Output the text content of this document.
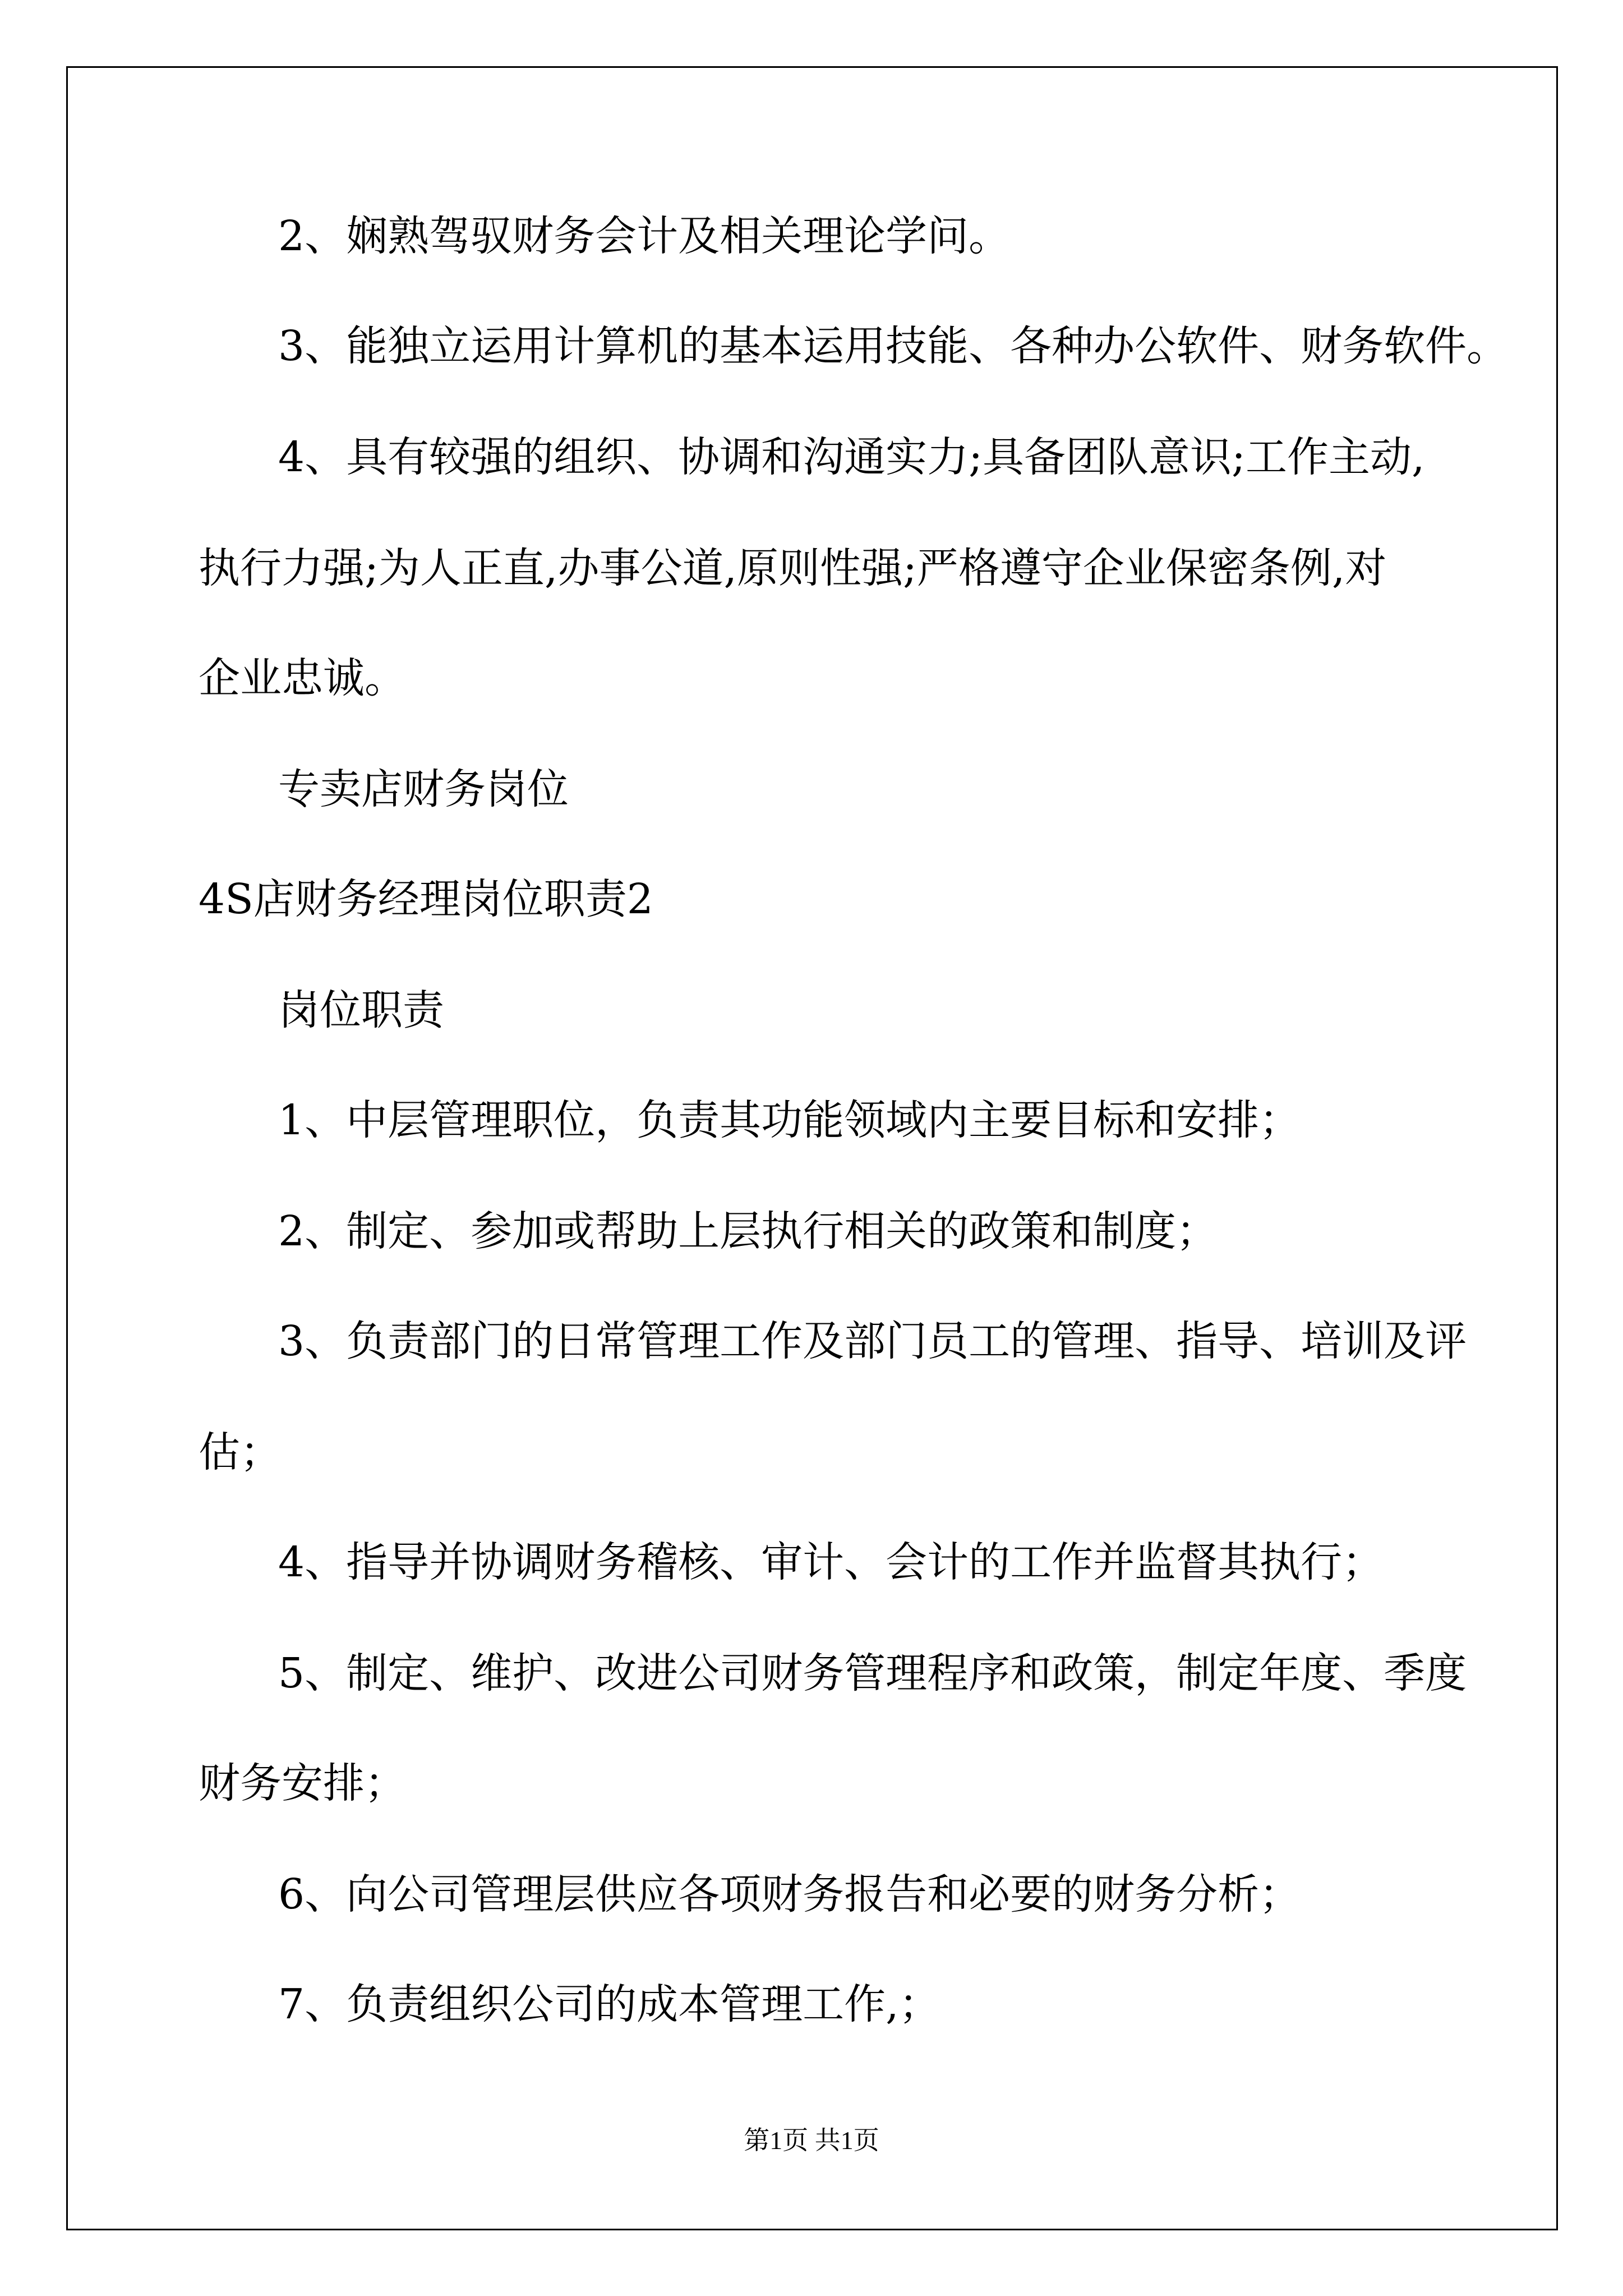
2、娴熟驾驭财务会计及相关理论学问。
3、能独立运用计算机的基本运用技能、各种办公软件、财务软件。
4、具有较强的组织、协调和沟通实力;具备团队意识;工作主动,
执行力强;为人正直,办事公道,原则性强;严格遵守企业保密条例,对
企业忠诚。
专卖店财务岗位
4S店财务经理岗位职责2
岗位职责
1、中层管理职位，负责其功能领域内主要目标和安排；
2、制定、参加或帮助上层执行相关的政策和制度；
3、负责部门的日常管理工作及部门员工的管理、指导、培训及评
估；
4、指导并协调财务稽核、审计、会计的工作并监督其执行；
5、制定、维护、改进公司财务管理程序和政策，制定年度、季度
财务安排；
6、向公司管理层供应各项财务报告和必要的财务分析；
7、负责组织公司的成本管理工作,；
第1页 共1页
